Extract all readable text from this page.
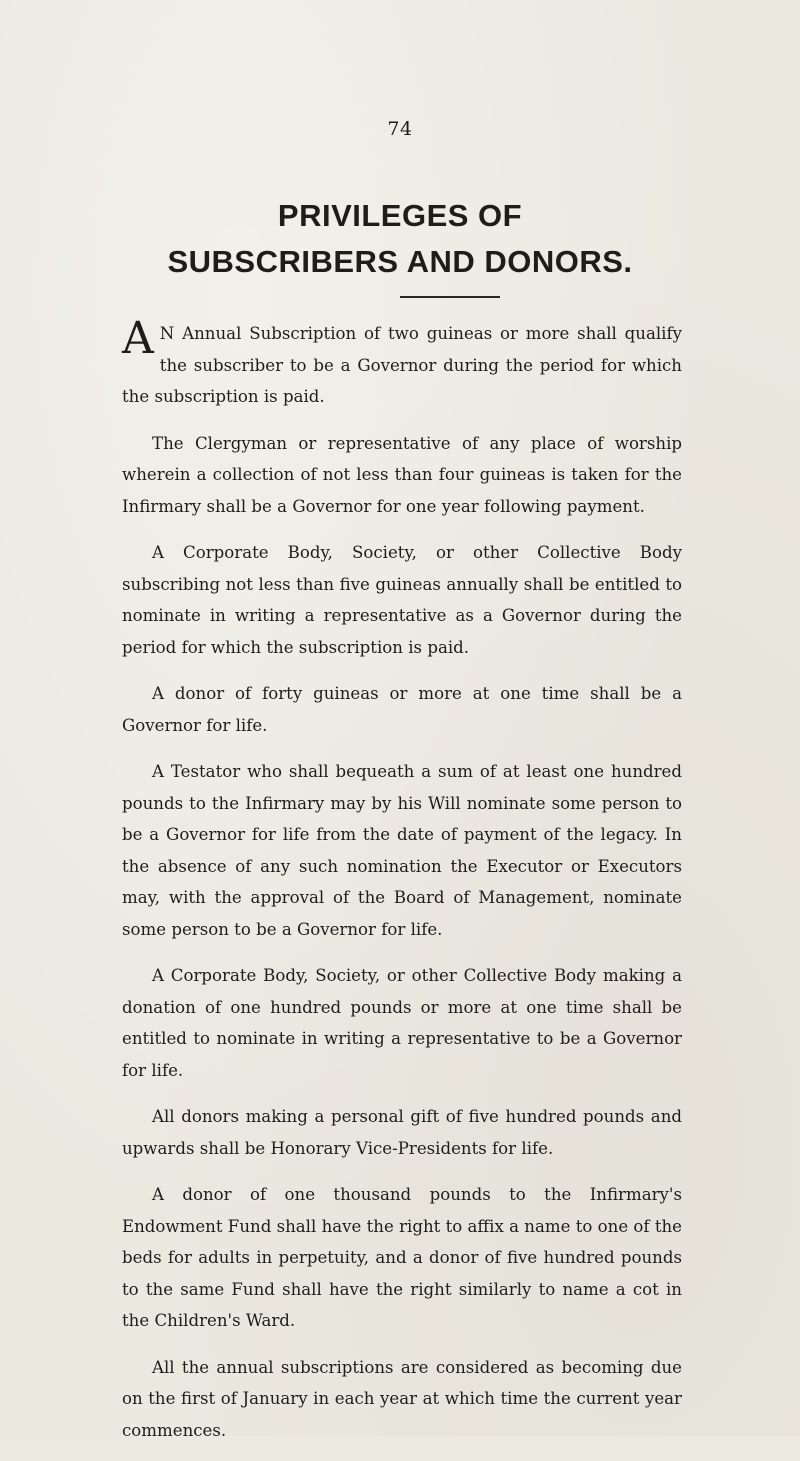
74
PRIVILEGES OF
SUBSCRIBERS AND DONORS.

A N Annual Subscription of two guineas or more shall qualify the subscriber to be a Governor during the period for which the subscription is paid.

The Clergyman or representative of any place of worship wherein a collection of not less than four guineas is taken for the Infirmary shall be a Governor for one year following payment.

A Corporate Body, Society, or other Collective Body subscribing not less than five guineas annually shall be entitled to nominate in writing a representative as a Governor during the period for which the subscription is paid.

A donor of forty guineas or more at one time shall be a Governor for life.

A Testator who shall bequeath a sum of at least one hundred pounds to the Infirmary may by his Will nominate some person to be a Governor for life from the date of payment of the legacy. In the absence of any such nomination the Executor or Executors may, with the approval of the Board of Management, nominate some person to be a Governor for life.

A Corporate Body, Society, or other Collective Body making a donation of one hundred pounds or more at one time shall be entitled to nominate in writing a representative to be a Governor for life.

All donors making a personal gift of five hundred pounds and upwards shall be Honorary Vice-Presidents for life.

A donor of one thousand pounds to the Infirmary's Endowment Fund shall have the right to affix a name to one of the beds for adults in perpetuity, and a donor of five hundred pounds to the same Fund shall have the right similarly to name a cot in the Children's Ward.

All the annual subscriptions are considered as becoming due on the first of January in each year at which time the current year commences.
